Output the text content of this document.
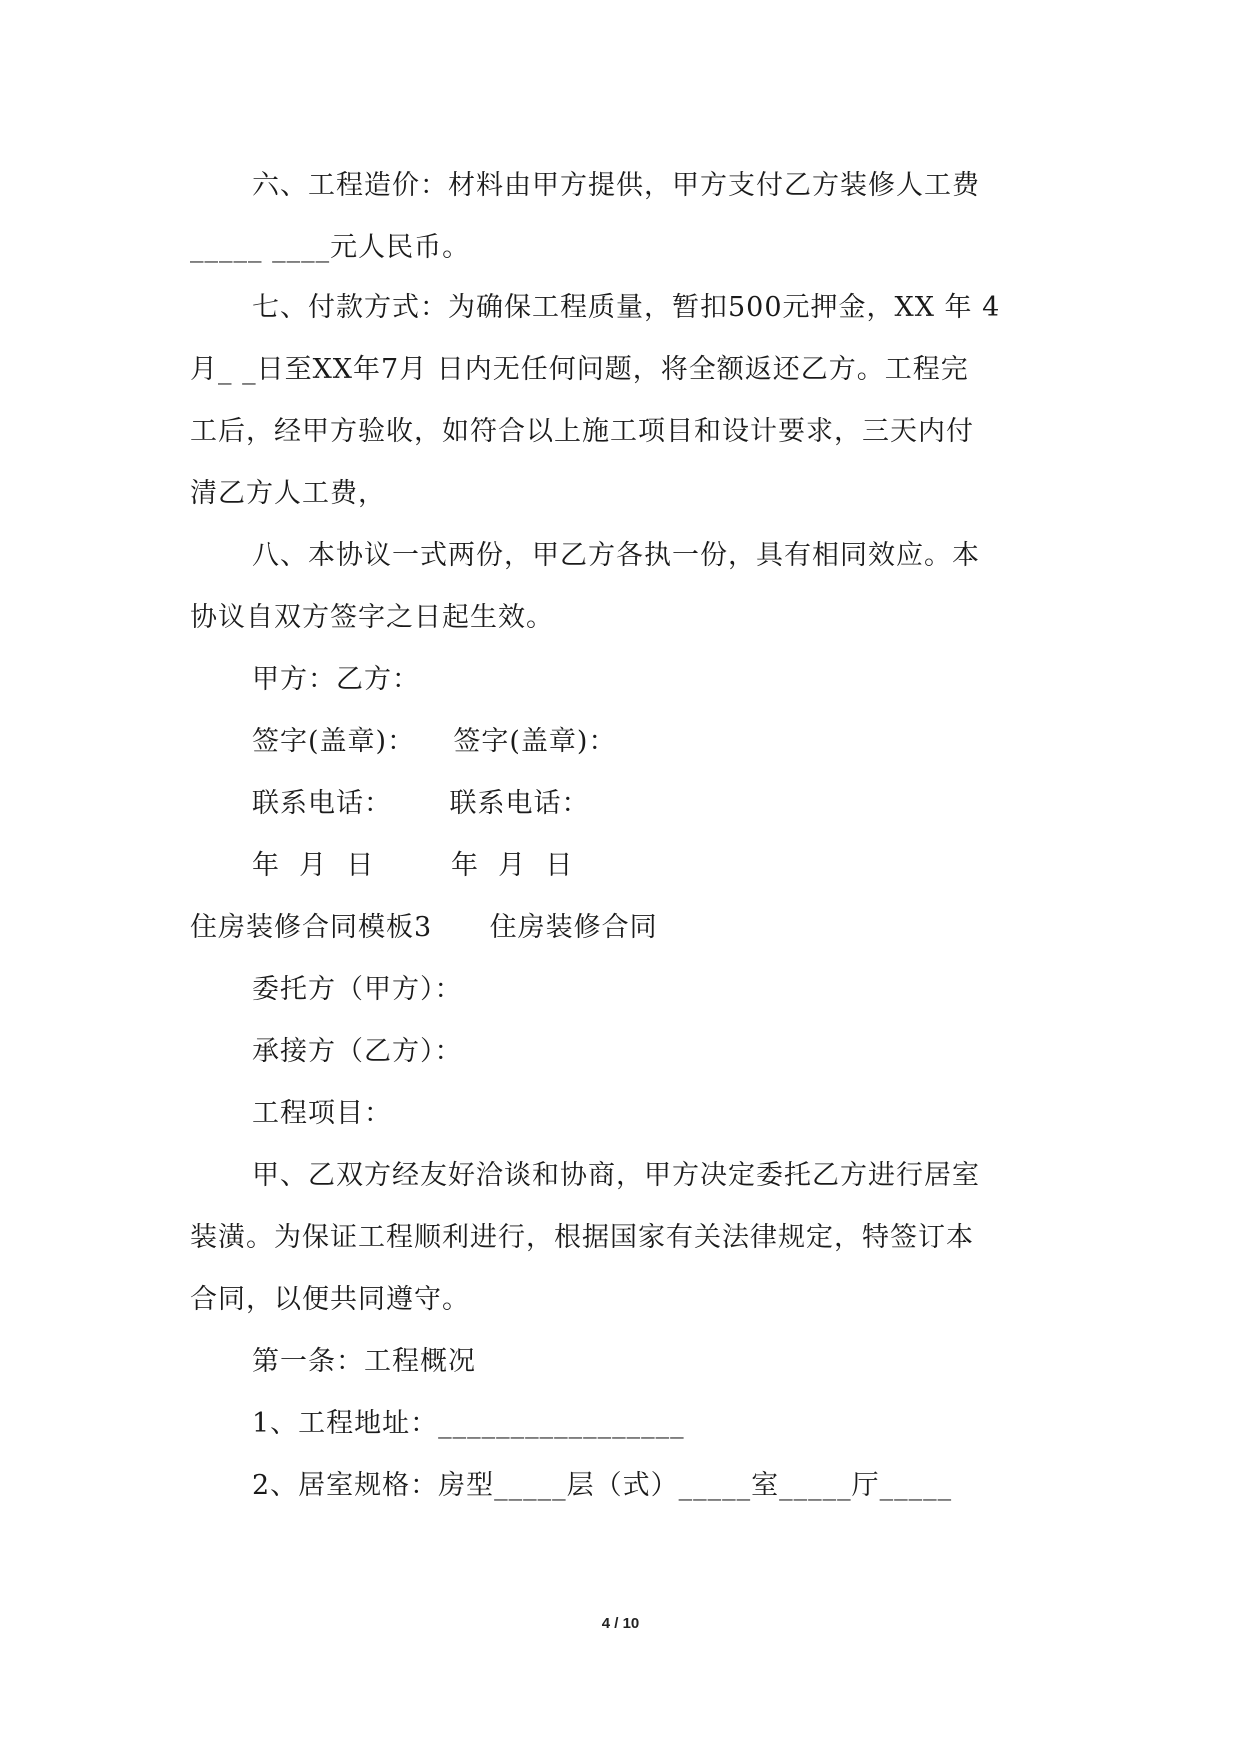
六、工程造价：材料由甲方提供，甲方支付乙方装修人工费
_____ ____元人民币。
七、付款方式：为确保工程质量，暂扣500元押金，XX 年 4
月_ _日至XX年7月 日内无任何问题，将全额返还乙方。工程完
工后，经甲方验收，如符合以上施工项目和设计要求，三天内付
清乙方人工费，
八、本协议一式两份，甲乙方各执一份，具有相同效应。本
协议自双方签字之日起生效。
甲方：乙方：
签字(盖章)：    签字(盖章)：
联系电话：      联系电话：
年  月  日        年  月  日
住房装修合同模板3      住房装修合同
委托方（甲方）：
承接方（乙方）：
工程项目：
甲、乙双方经友好洽谈和协商，甲方决定委托乙方进行居室
装潢。为保证工程顺利进行，根据国家有关法律规定，特签订本
合同，以便共同遵守。
第一条：工程概况
1、工程地址：_________________
2、居室规格：房型_____层（式）_____室_____厅_____
4 / 10
